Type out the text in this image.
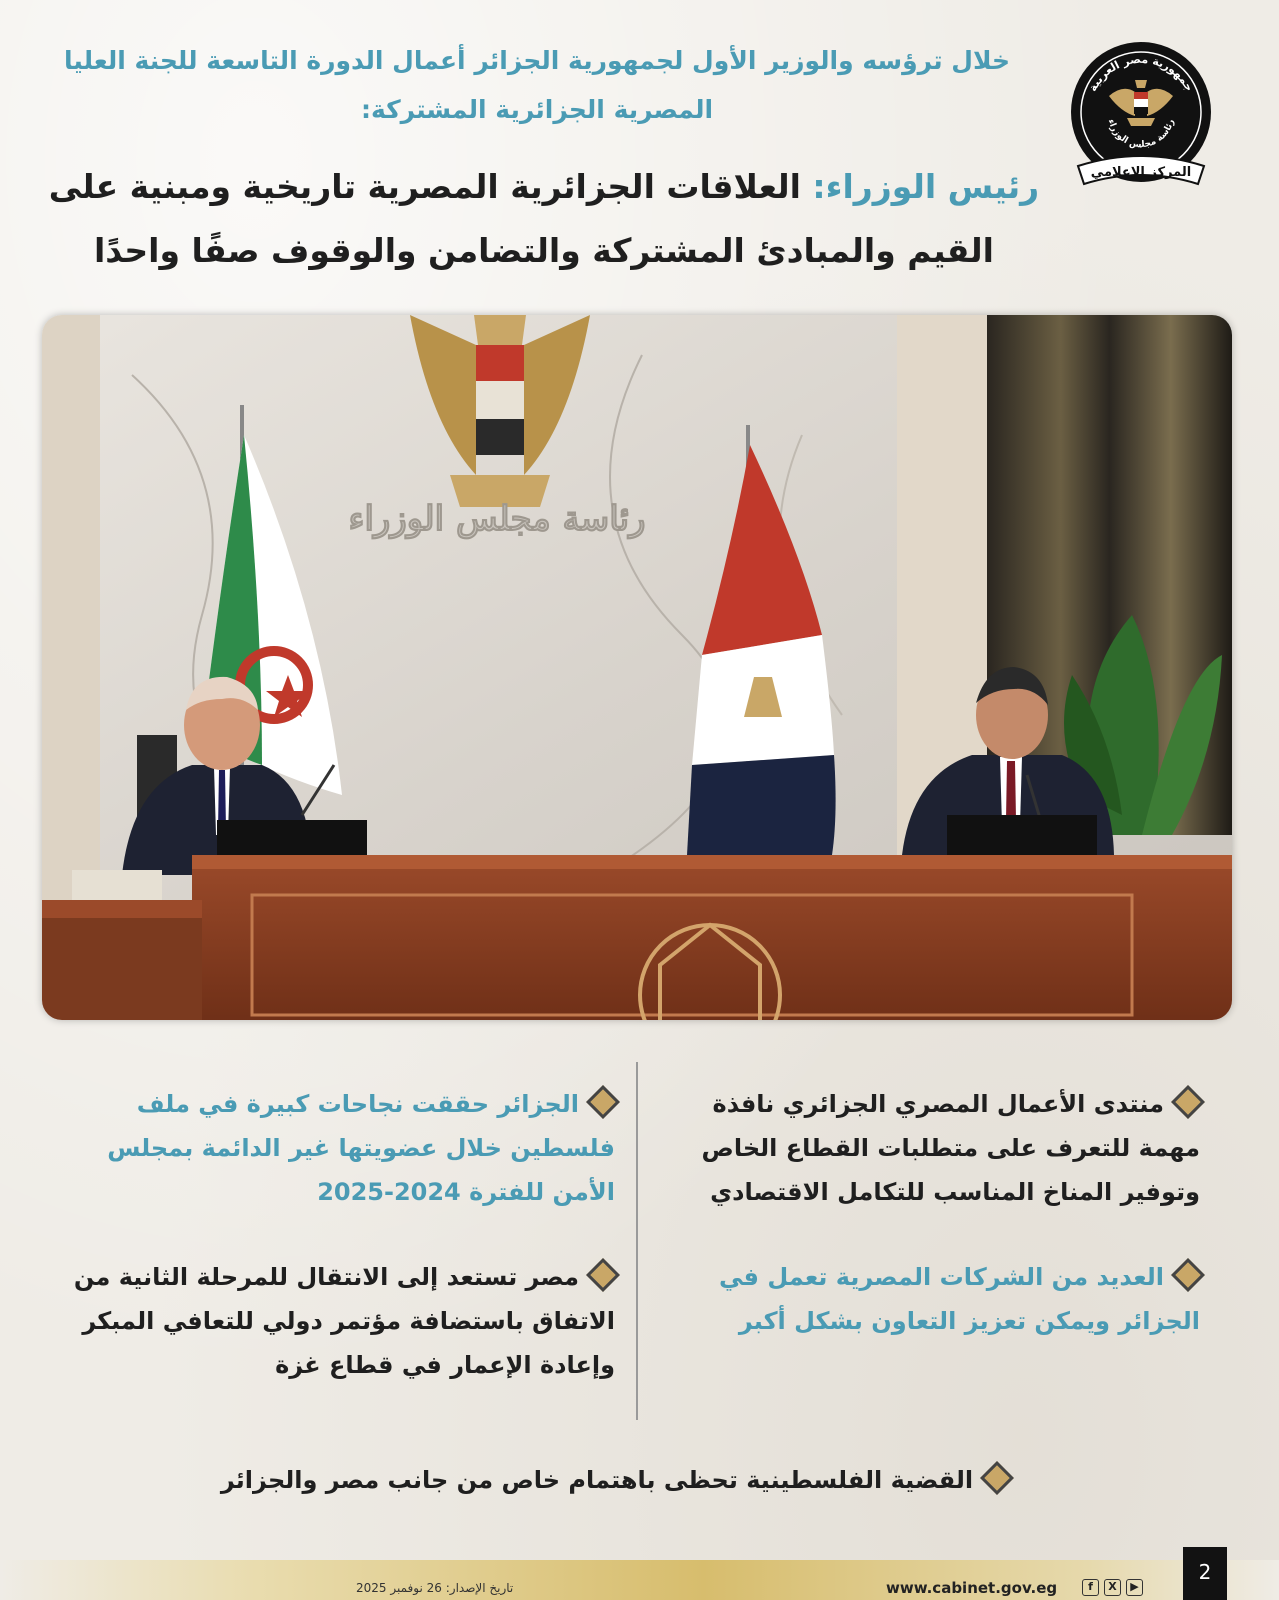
جمهورية مصر العربية
رئاسة مجلس الوزراء
المركز الإعلامي
خلال ترؤسه والوزير الأول لجمهورية الجزائر أعمال الدورة التاسعة للجنة العليا المصرية الجزائرية المشتركة:
رئيس الوزراء: العلاقات الجزائرية المصرية تاريخية ومبنية على القيم والمبادئ المشتركة والتضامن والوقوف صفًا واحدًا
رئاسة مجلس الوزراء
منتدى الأعمال المصري الجزائري نافذة مهمة للتعرف على متطلبات القطاع الخاص وتوفير المناخ المناسب للتكامل الاقتصادي
العديد من الشركات المصرية تعمل في الجزائر ويمكن تعزيز التعاون بشكل أكبر
الجزائر حققت نجاحات كبيرة في ملف فلسطين خلال عضويتها غير الدائمة بمجلس الأمن للفترة 2024-2025
مصر تستعد إلى الانتقال للمرحلة الثانية من الاتفاق باستضافة مؤتمر دولي للتعافي المبكر وإعادة الإعمار في قطاع غزة
القضية الفلسطينية تحظى باهتمام خاص من جانب مصر والجزائر
تاريخ الإصدار: 26 نوفمبر 2025	f	X	▶
www.cabinet.gov.eg
2
